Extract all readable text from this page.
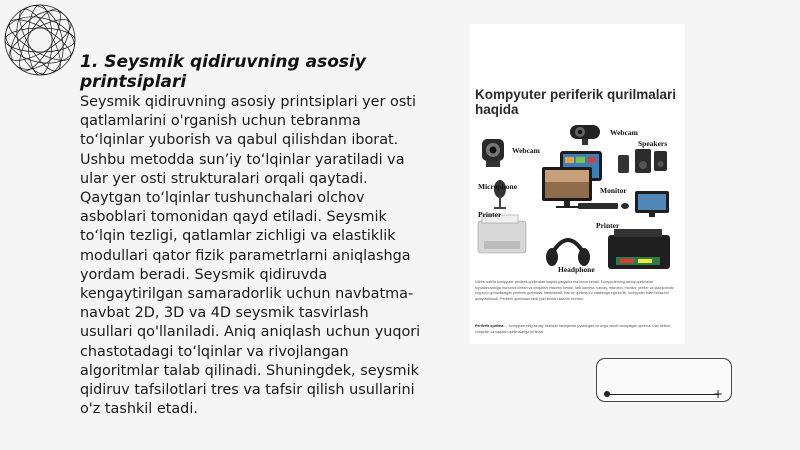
1. Seysmik qidiruvning asosiy printsiplari

Seysmik qidiruvning asosiy printsiplari yer osti qatlamlarini o'rganish uchun tebranma to‘lqinlar yuborish va qabul qilishdan iborat. Ushbu metodda sun’iy to‘lqinlar yaratiladi va ular yer osti strukturalari orqali qaytadi. Qaytgan to‘lqinlar tushunchalari olchov asboblari tomonidan qayd etiladi. Seysmik to‘lqin tezligi, qatlamlar zichligi va elastiklik modullari qator fizik parametrlarni aniqlashga yordam beradi. Seysmik qidiruvda kengaytirilgan samaradorlik uchun navbatma-navbat 2D, 3D va 4D seysmik tasvirlash usullari qo'llaniladi. Aniq aniqlash uchun yuqori chastotadagi to‘lqinlar va rivojlangan algoritmlar talab qilinadi. Shuningdek, seysmik qidiruv tafsilotlari tres va tafsir qilish usullarini o'z tashkil etadi.

Kompyuter periferik qurilmalari haqida
Webcam
Webcam
Speakers
Microphone	Monitor
Printer
Printer
Headphone

Ushbu sahifa kompyuter periferik qurilmalari haqida qisqacha ma'lumot beradi. Kompyuterning tashqi qurilmalari foydalanuvchiga ma'lumot kiritish va chiqarish imkonini beradi. Veb-kamera, karnay, mikrofon, monitor, printer va quloqchinlar eng ko'p qo'llaniladigan periferik qurilmalar hisoblanadi. Har bir qurilma o'z vazifasiga ega bo'lib, kompyuter bilan ishlashni qulaylashtiradi. Periferik qurilmalar simli yoki simsiz ulanishi mumkin.

Periferik qurilma — kompyuterning asosiy blokidan tashqarida joylashgan va unga ulanib ishlaydigan qurilma. Ular kiritish, chiqarish va saqlash qurilmalariga bo'linadi.

+
